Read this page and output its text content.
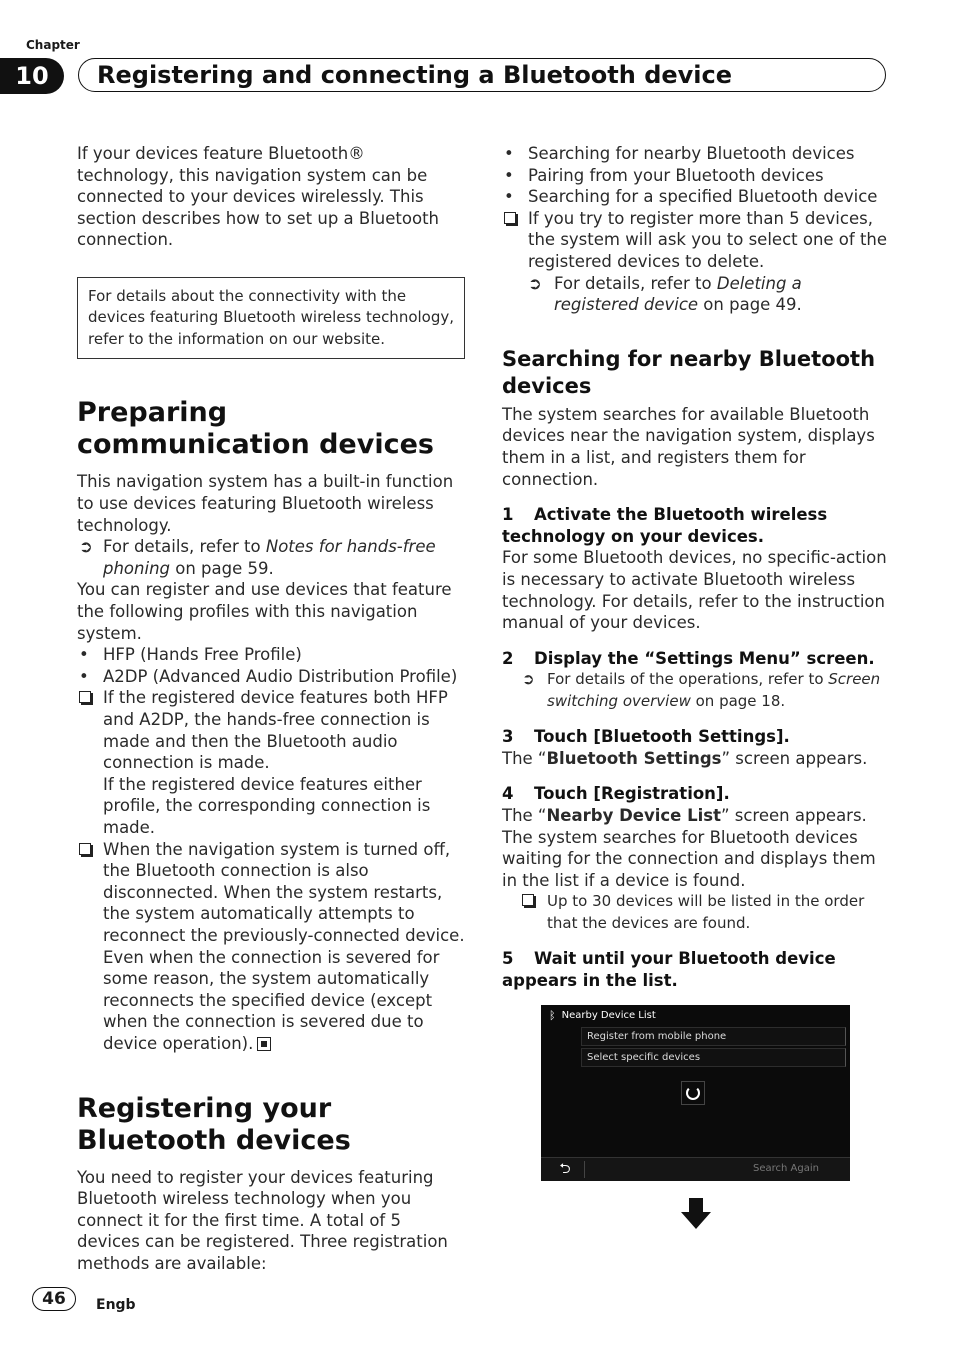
Chapter
10	Registering and connecting a Bluetooth device

If your devices feature Bluetooth® technology, this navigation system can be connected to your devices wirelessly. This section describes how to set up a Bluetooth connection.

For details about the connectivity with the devices featuring Bluetooth wireless technology, refer to the information on our website.
Preparing communication devices

This navigation system has a built-in function to use devices featuring Bluetooth wireless technology.

➲ For details, refer to Notes for hands-free phoning on page 59.

You can register and use devices that feature the following profiles with this navigation system.

• HFP (Hands Free Profile)
• A2DP (Advanced Audio Distribution Profile)
If the registered device features both HFP and A2DP, the hands-free connection is made and then the Bluetooth audio connection is made.
If the registered device features either profile, the corresponding connection is made.
When the navigation system is turned off, the Bluetooth connection is also disconnected. When the system restarts, the system automatically attempts to reconnect the previously-connected device. Even when the connection is severed for some reason, the system automatically reconnects the specified device (except when the connection is severed due to device operation).
Registering your Bluetooth devices

You need to register your devices featuring Bluetooth wireless technology when you connect it for the first time. A total of 5 devices can be registered. Three registration methods are available:

• Searching for nearby Bluetooth devices
• Pairing from your Bluetooth devices
• Searching for a specified Bluetooth device
If you try to register more than 5 devices, the system will ask you to select one of the registered devices to delete.

➲ For details, refer to Deleting a registered device on page 49.

Searching for nearby Bluetooth devices

The system searches for available Bluetooth devices near the navigation system, displays them in a list, and registers them for connection.

1 Activate the Bluetooth wireless technology on your devices.

For some Bluetooth devices, no specific-action is necessary to activate Bluetooth wireless technology. For details, refer to the instruction manual of your devices.

2 Display the “Settings Menu” screen.

➲ For details of the operations, refer to Screen switching overview on page 18.

3 Touch [Bluetooth Settings].

The “Bluetooth Settings” screen appears.

4 Touch [Registration].

The “Nearby Device List” screen appears.

The system searches for Bluetooth devices waiting for the connection and displays them in the list if a device is found.

Up to 30 devices will be listed in the order that the devices are found.

5 Wait until your Bluetooth device appears in the list.

ᛒ Nearby Device List
Register from mobile phone
Select specific devices
⮌	Search Again
46	Engb
